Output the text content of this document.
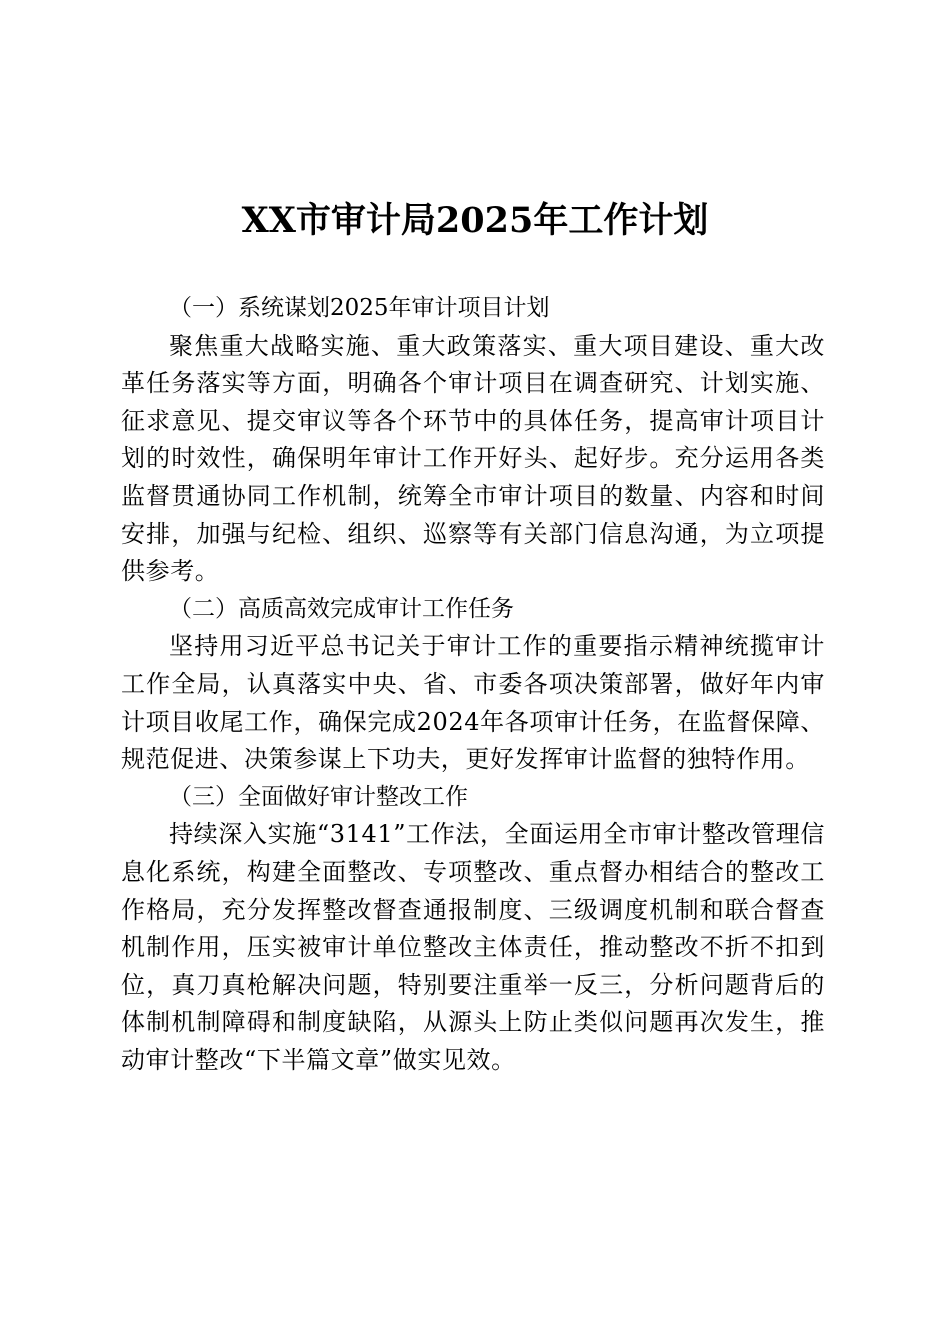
XX市审计局2025年工作计划

（一）系统谋划2025年审计项目计划

聚焦重大战略实施、重大政策落实、重大项目建设、重大改革任务落实等方面，明确各个审计项目在调查研究、计划实施、征求意见、提交审议等各个环节中的具体任务，提高审计项目计划的时效性，确保明年审计工作开好头、起好步。充分运用各类监督贯通协同工作机制，统筹全市审计项目的数量、内容和时间安排，加强与纪检、组织、巡察等有关部门信息沟通，为立项提供参考。

（二）高质高效完成审计工作任务

坚持用习近平总书记关于审计工作的重要指示精神统揽审计工作全局，认真落实中央、省、市委各项决策部署，做好年内审计项目收尾工作，确保完成2024年各项审计任务，在监督保障、规范促进、决策参谋上下功夫，更好发挥审计监督的独特作用。

（三）全面做好审计整改工作

持续深入实施“3141”工作法，全面运用全市审计整改管理信息化系统，构建全面整改、专项整改、重点督办相结合的整改工作格局，充分发挥整改督查通报制度、三级调度机制和联合督查机制作用，压实被审计单位整改主体责任，推动整改不折不扣到位，真刀真枪解决问题，特别要注重举一反三，分析问题背后的体制机制障碍和制度缺陷，从源头上防止类似问题再次发生，推动审计整改“下半篇文章”做实见效。
